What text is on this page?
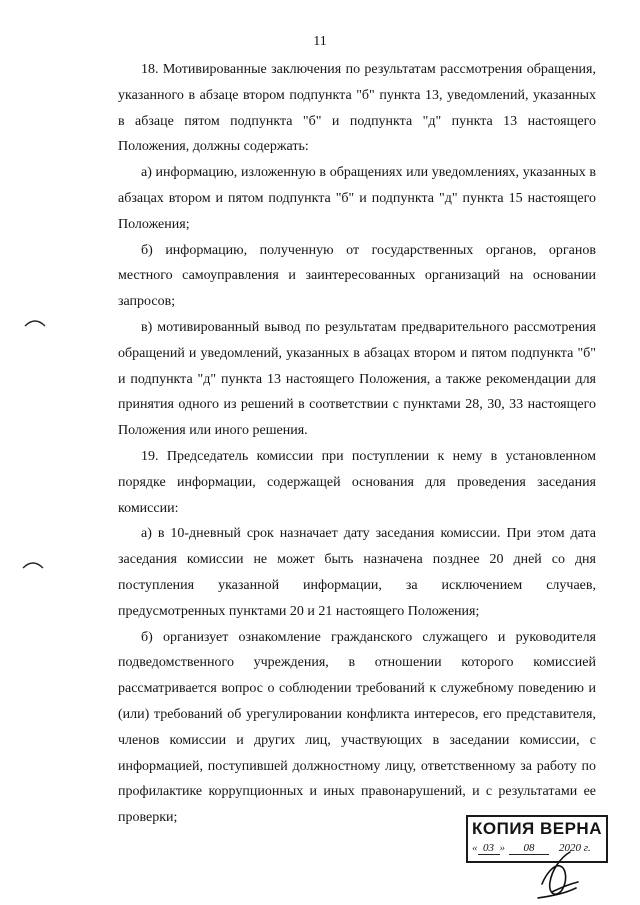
11

18. Мотивированные заключения по результатам рассмотрения обращения, указанного в абзаце втором подпункта "б" пункта 13, уведомлений, указанных в абзаце пятом подпункта "б" и подпункта "д" пункта 13 настоящего Положения, должны содержать:

а) информацию, изложенную в обращениях или уведомлениях, указанных в абзацах втором и пятом подпункта "б" и подпункта "д" пункта 15 настоящего Положения;

б) информацию, полученную от государственных органов, органов местного самоуправления и заинтересованных организаций на основании запросов;

в) мотивированный вывод по результатам предварительного рассмотрения обращений и уведомлений, указанных в абзацах втором и пятом подпункта "б" и подпункта "д" пункта 13 настоящего Положения, а также рекомендации для принятия одного из решений в соответствии с пунктами 28, 30, 33 настоящего Положения или иного решения.

19. Председатель комиссии при поступлении к нему в установленном порядке информации, содержащей основания для проведения заседания комиссии:

а) в 10-дневный срок назначает дату заседания комиссии. При этом дата заседания комиссии не может быть назначена позднее 20 дней со дня поступления указанной информации, за исключением случаев, предусмотренных пунктами 20 и 21 настоящего Положения;

б) организует ознакомление гражданского служащего и руководителя подведомственного учреждения, в отношении которого комиссией рассматривается вопрос о соблюдении требований к служебному поведению и (или) требований об урегулировании конфликта интересов, его представителя, членов комиссии и других лиц, участвующих в заседании комиссии, с информацией, поступившей должностному лицу, ответственному за работу по профилактике коррупционных и иных правонарушений, и с результатами ее проверки;

КОПИЯ ВЕРНА
« 03 » 08 2020 г.
